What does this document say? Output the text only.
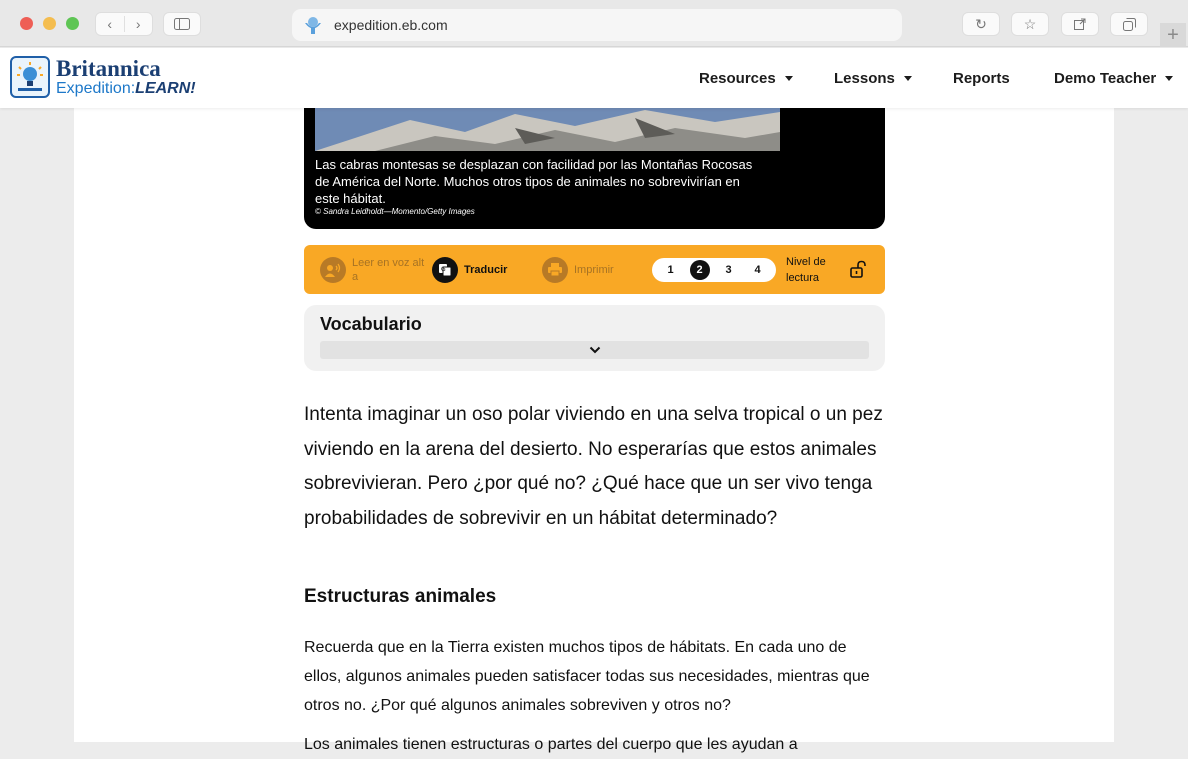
‹	›	expedition.eb.com	↻	☆	+
Britannica
Expedition:LEARN!
Resources	Lessons	Reports	Demo Teacher
Las cabras montesas se desplazan con facilidad por las Montañas Rocosas de América del Norte. Muchos otros tipos de animales no sobrevivirían en este hábitat.
© Sandra Leidholdt—Momento/Getty Images
Leer en voz alt a
G Traducir	Imprimir	1	2	3	4
Nivel de
lectura
Vocabulario

Intenta imaginar un oso polar viviendo en una selva tropical o un pez viviendo en la arena del desierto. No esperarías que estos animales sobrevivieran. Pero ¿por qué no? ¿Qué hace que un ser vivo tenga probabilidades de sobrevivir en un hábitat determinado?

Estructuras animales

Recuerda que en la Tierra existen muchos tipos de hábitats. En cada uno de ellos, algunos animales pueden satisfacer todas sus necesidades, mientras que otros no. ¿Por qué algunos animales sobreviven y otros no?

Los animales tienen estructuras o partes del cuerpo que les ayudan a
